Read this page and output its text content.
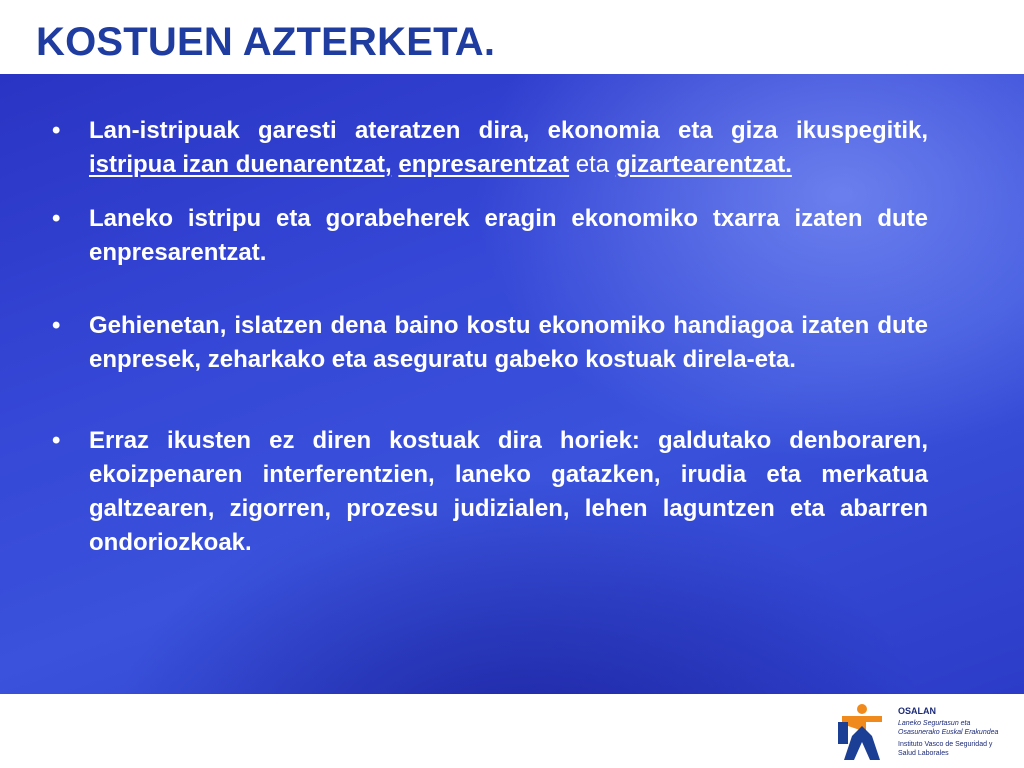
KOSTUEN AZTERKETA.
• Lan-istripuak garesti ateratzen dira, ekonomia eta giza ikuspegitik, istripua izan duenarentzat, enpresarentzat eta gizartearentzat.
• Laneko istripu eta gorabeherek eragin ekonomiko txarra izaten dute enpresarentzat.
• Gehienetan, islatzen dena baino kostu ekonomiko handiagoa izaten dute enpresek, zeharkako eta aseguratu gabeko kostuak direla-eta.
• Erraz ikusten ez diren kostuak dira horiek: galdutako denboraren, ekoizpenaren interferentzien, laneko gatazken, irudia eta merkatua galtzearen, zigorren, prozesu judizialen, lehen laguntzen eta abarren ondoriozkoak.

OSALAN

Laneko Segurtasun eta

Osasunerako Euskal Erakundea

Instituto Vasco de Seguridad y

Salud Laborales
